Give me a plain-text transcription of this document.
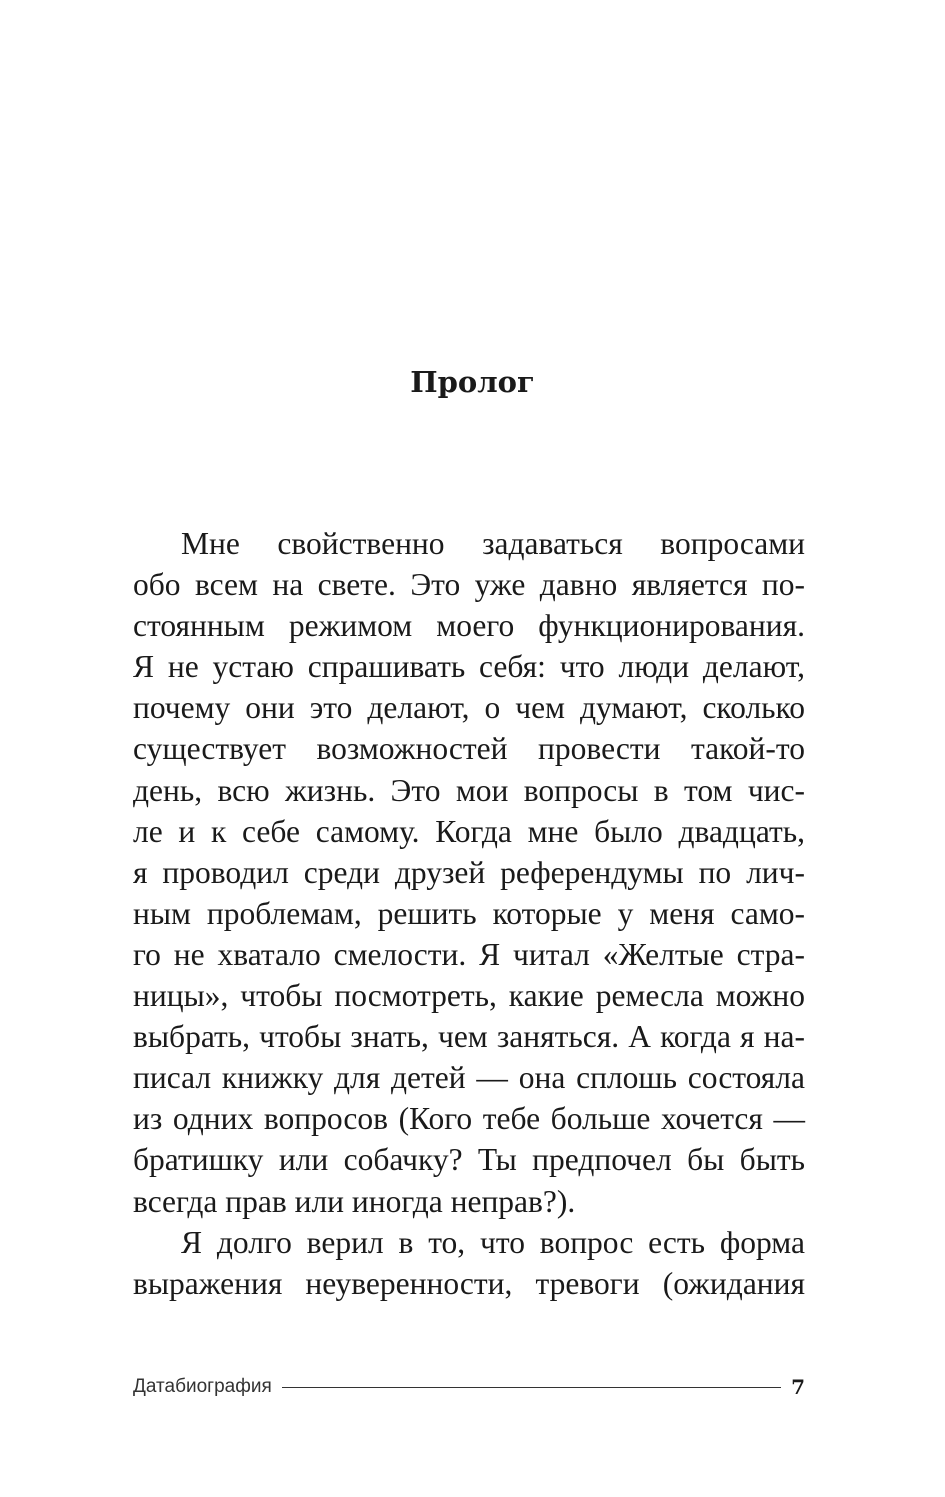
Пролог
Мне свойственно задаваться вопросами
обо всем на свете. Это уже давно является по-
стоянным режимом моего функционирования.
Я не устаю спрашивать себя: что люди делают,
почему они это делают, о чем думают, сколько
существует возможностей провести такой-то
день, всю жизнь. Это мои вопросы в том чис-
ле и к себе самому. Когда мне было двадцать,
я проводил среди друзей референдумы по лич-
ным проблемам, решить которые у меня само-
го не хватало смелости. Я читал «Желтые стра-
ницы», чтобы посмотреть, какие ремесла можно
выбрать, чтобы знать, чем заняться. А когда я на-
писал книжку для детей — она сплошь состояла
из одних вопросов (Кого тебе больше хочется —
братишку или собачку? Ты предпочел бы быть
всегда прав или иногда неправ?).
Я долго верил в то, что вопрос есть форма
выражения неуверенности, тревоги (ожидания
Датабиография	7
